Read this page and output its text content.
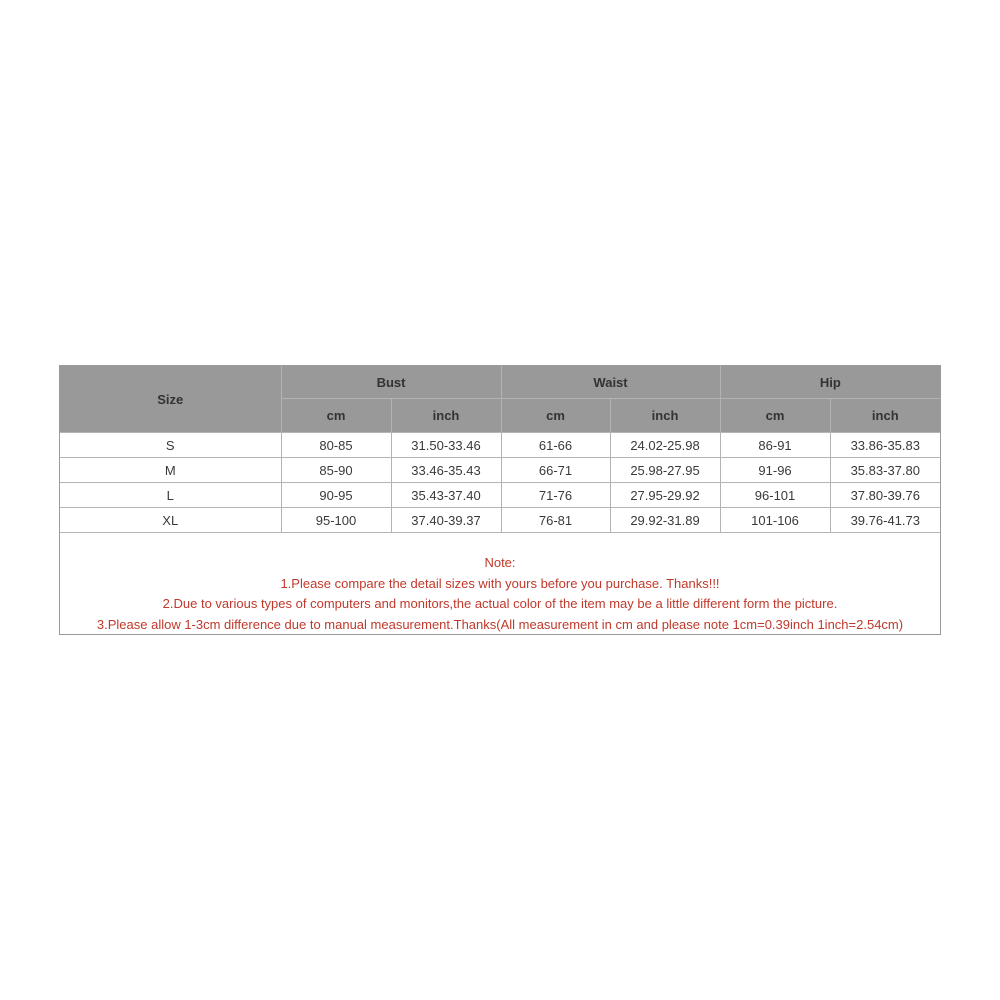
Size	Bust		Waist		Hip	
	cm	inch	cm	inch	cm	inch
S	80-85	31.50-33.46	61-66	24.02-25.98	86-91	33.86-35.83
M	85-90	33.46-35.43	66-71	25.98-27.95	91-96	35.83-37.80
L	90-95	35.43-37.40	71-76	27.95-29.92	96-101	37.80-39.76
XL	95-100	37.40-39.37	76-81	29.92-31.89	101-106	39.76-41.73
Note:
1.Please compare the detail sizes with yours before you purchase. Thanks!!!
2.Due to various types of computers and monitors,the actual color of the item may be a little different form the picture.
3.Please allow 1-3cm difference due to manual measurement.Thanks(All measurement in cm and please note 1cm=0.39inch 1inch=2.54cm)
